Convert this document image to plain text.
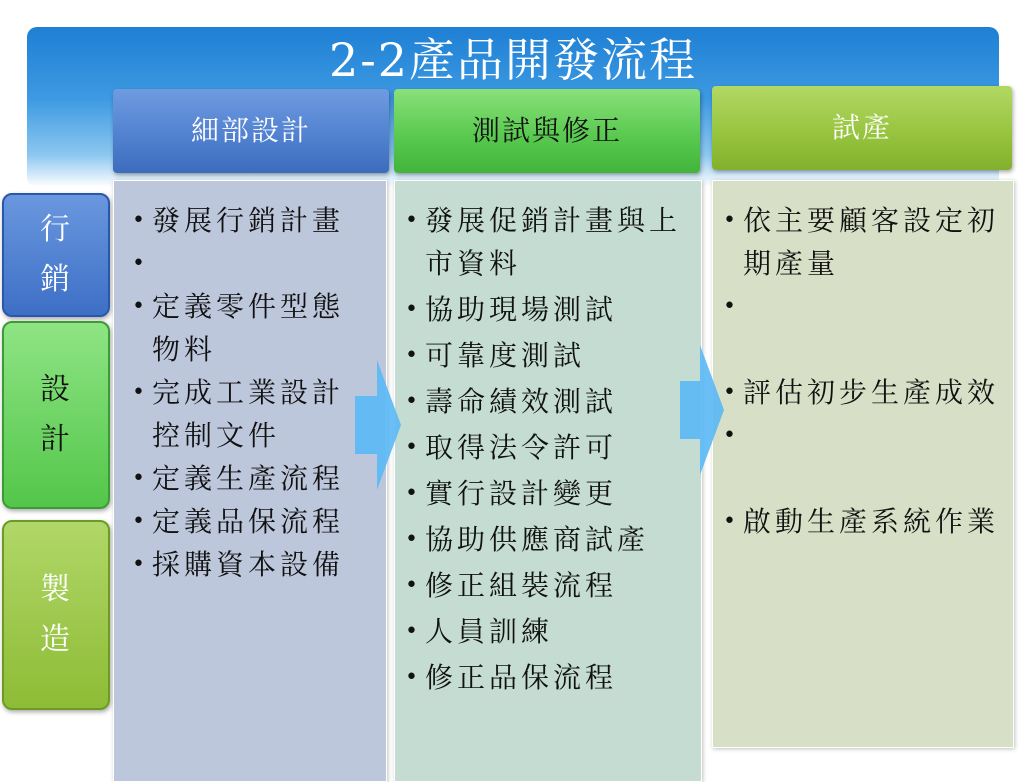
2-2產品開發流程
細部設計	測試與修正	試產
行銷
設計
製造
• 發展行銷計畫
•
• 定義零件型態物料
• 完成工業設計控制文件
• 定義生產流程
• 定義品保流程
• 採購資本設備
• 發展促銷計畫與上市資料
• 協助現場測試
• 可靠度測試
• 壽命績效測試
• 取得法令許可
• 實行設計變更
• 協助供應商試產
• 修正組裝流程
• 人員訓練
• 修正品保流程
• 依主要顧客設定初期產量
•
• 評估初步生產成效
•
• 啟動生產系統作業
